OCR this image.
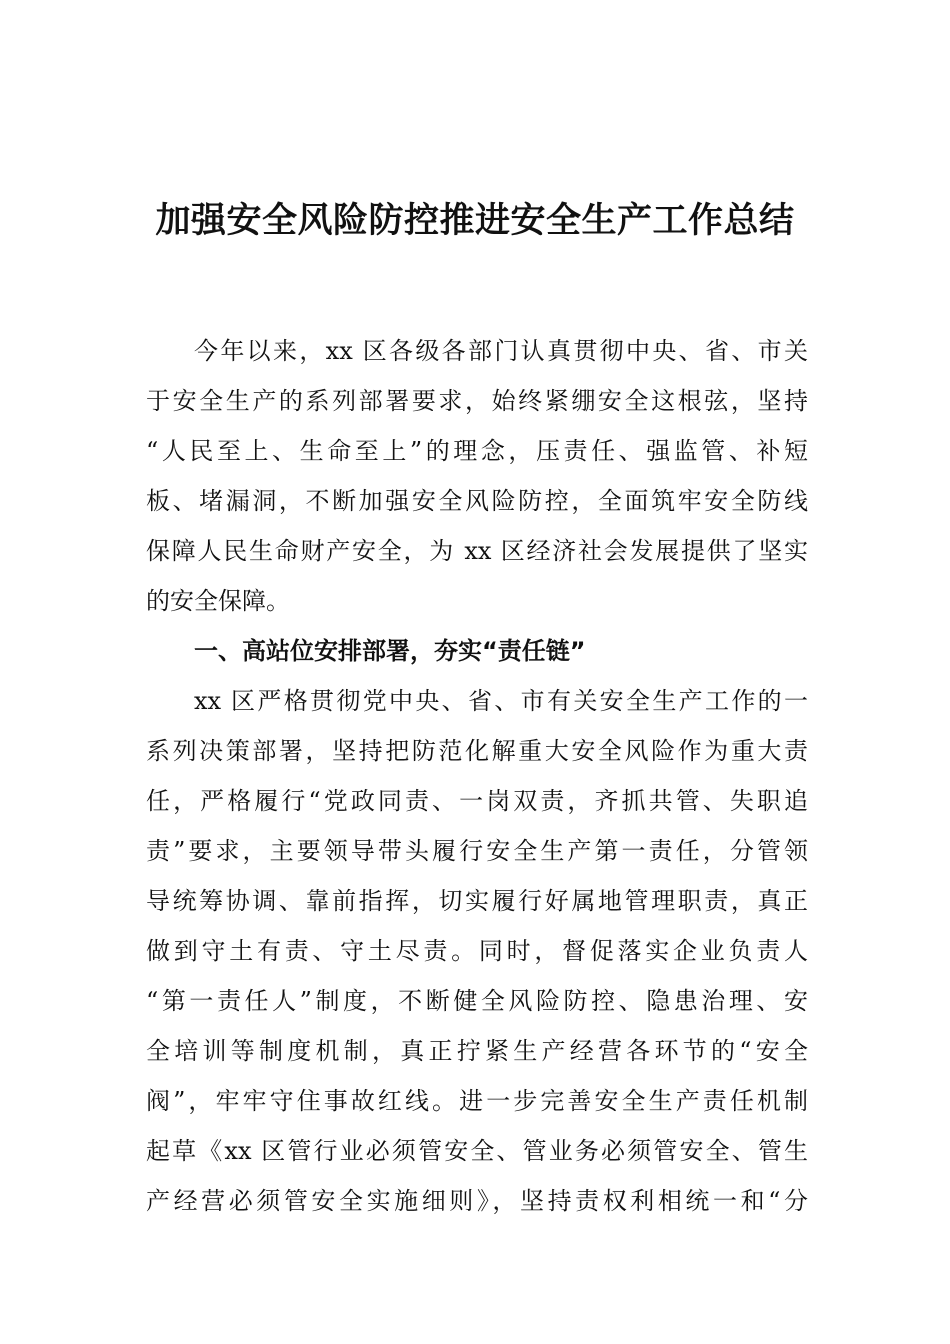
加强安全风险防控推进安全生产工作总结
今年以来，xx 区各级各部门认真贯彻中央、省、市关
于安全生产的系列部署要求，始终紧绷安全这根弦，坚持
“人民至上、生命至上”的理念，压责任、强监管、补短
板、堵漏洞，不断加强安全风险防控，全面筑牢安全防线
保障人民生命财产安全，为 xx 区经济社会发展提供了坚实
的安全保障。
一、高站位安排部署，夯实“责任链”
xx 区严格贯彻党中央、省、市有关安全生产工作的一
系列决策部署，坚持把防范化解重大安全风险作为重大责
任，严格履行“党政同责、一岗双责，齐抓共管、失职追
责”要求，主要领导带头履行安全生产第一责任，分管领
导统筹协调、靠前指挥，切实履行好属地管理职责，真正
做到守土有责、守土尽责。同时，督促落实企业负责人
“第一责任人”制度，不断健全风险防控、隐患治理、安
全培训等制度机制，真正拧紧生产经营各环节的“安全
阀”，牢牢守住事故红线。进一步完善安全生产责任机制
起草《xx 区管行业必须管安全、管业务必须管安全、管生
产经营必须管安全实施细则》，坚持责权利相统一和“分
